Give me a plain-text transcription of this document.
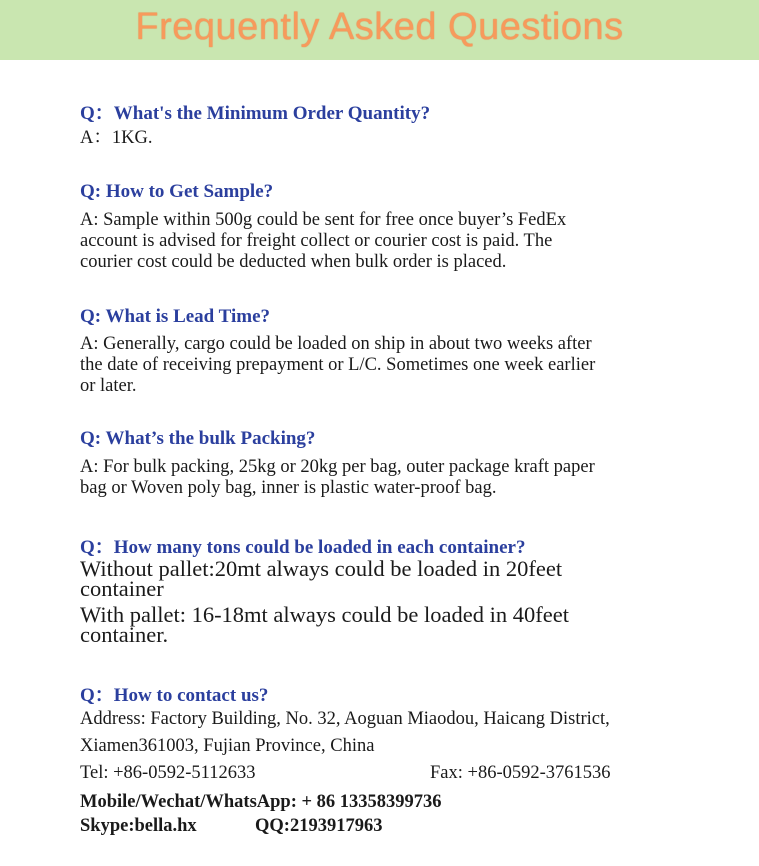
Frequently Asked Questions
Q：What's the Minimum Order Quantity?
A：1KG.
Q: How to Get Sample?
A: Sample within 500g could be sent for free once buyer’s FedEx
account is advised for freight collect or courier cost is paid. The
courier cost could be deducted when bulk order is placed.
Q: What is Lead Time?
A: Generally, cargo could be loaded on ship in about two weeks after
the date of receiving prepayment or L/C. Sometimes one week earlier
or later.
Q: What’s the bulk Packing?
A: For bulk packing, 25kg or 20kg per bag, outer package kraft paper
bag or Woven poly bag, inner is plastic water-proof bag.
Q：How many tons could be loaded in each container?
Without pallet:20mt always could be loaded in 20feet
container
With pallet: 16-18mt always could be loaded in 40feet
container.
Q：How to contact us?
Address: Factory Building, No. 32, Aoguan Miaodou, Haicang District,
Xiamen361003, Fujian Province, China
Tel: +86-0592-5112633	Fax: +86-0592-3761536
Mobile/Wechat/WhatsApp: + 86 13358399736
Skype:bella.hx	QQ:2193917963
